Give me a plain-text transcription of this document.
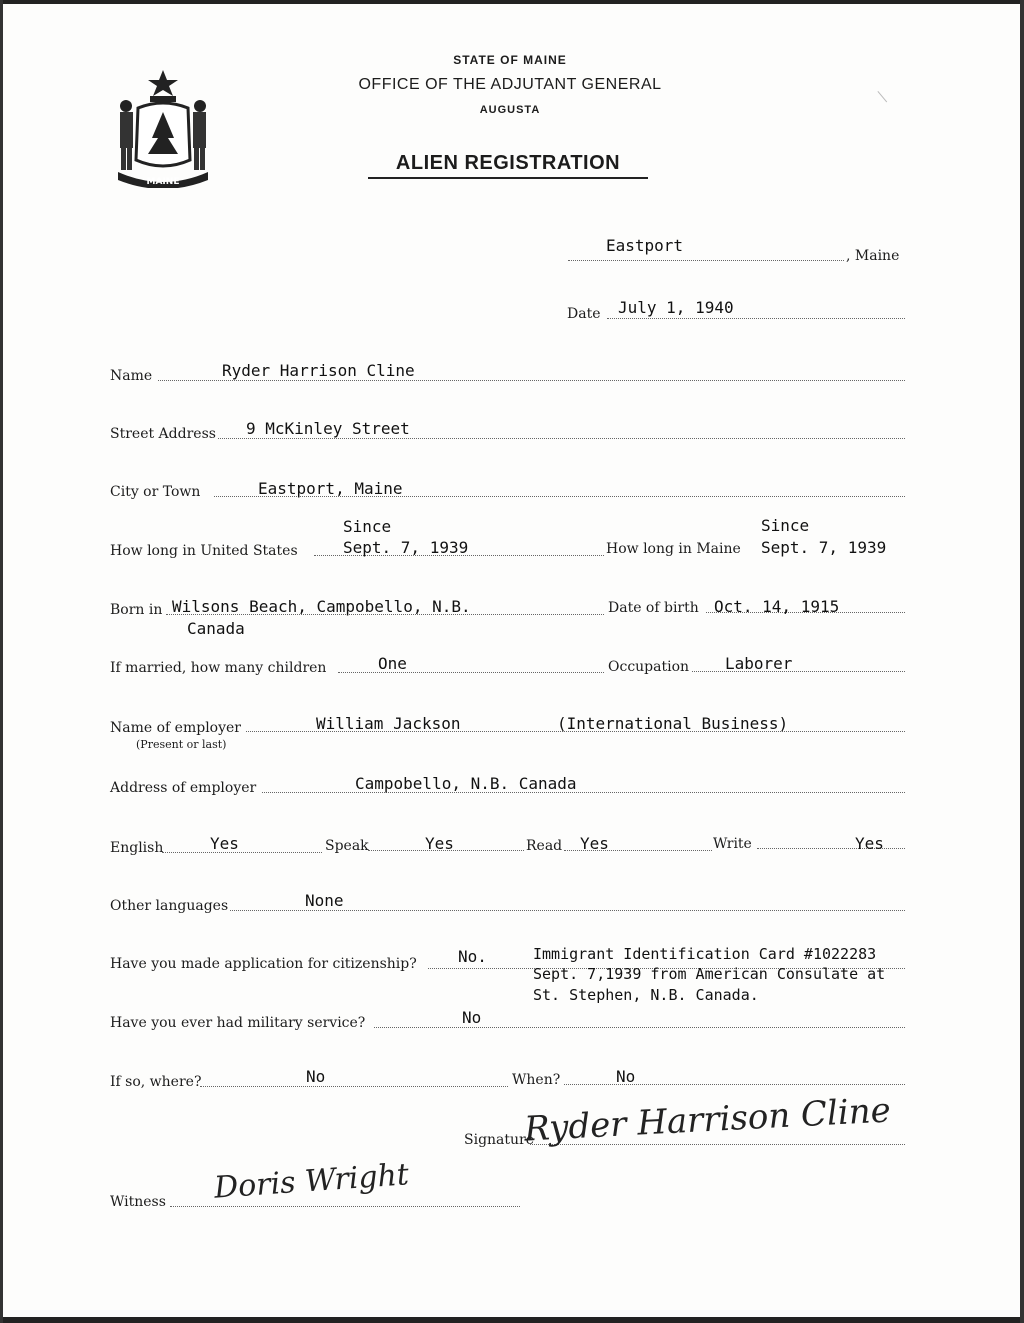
MAINE
STATE OF MAINE
OFFICE OF THE ADJUTANT GENERAL
AUGUSTA
ALIEN REGISTRATION
Eastport
, Maine
Date July 1, 1940
Name	Ryder Harrison Cline
Street Address 9 McKinley Street
City or Town	Eastport, Maine
Since
How long in United States	Sept. 7, 1939
Since
How long in Maine Sept. 7, 1939
Born in Wilsons Beach, Campobello, N.B.
Canada
Date of birth Oct. 14, 1915
If married, how many children	One	Occupation Laborer
Name of employer
(Present or last)
William Jackson	(International Business)
Address of employer	Campobello, N.B. Canada
English	Yes	Speak	Yes	Read Yes	Write	Yes
Other languages	None
Have you made application for citizenship?	No.	Immigrant Identification Card #1022283
Sept. 7,1939 from American Consulate at
St. Stephen, N.B. Canada.
Have you ever had military service?	No
If so, where?	No	When?	No
Signature
Ryder Harrison Cline
Witness Doris Wright
